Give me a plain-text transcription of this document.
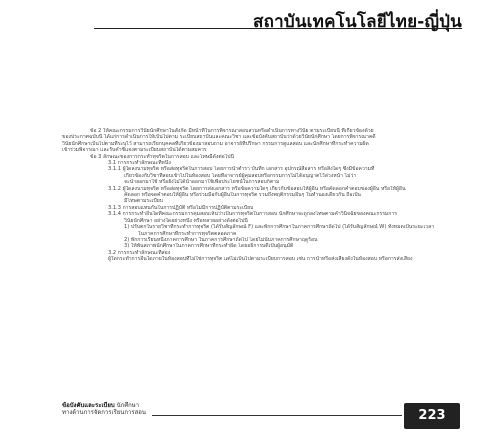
สถาบันเทคโนโลยีไทย-ญี่ปุ่น
ข้อ 2 ให้คณะกรรมการวินัยนักศึกษาในสังกัด มีหน้าที่ในการพิจารณาสอบสวนหรือดำเนินการทางวินัย ตามระเบียบนี้ ที่เกี่ยวข้องด้วย
ของประกาศฉบับนี้ ได้แก่การดำเนินการให้เป็นไปตาม ระเบียบสถาบันและคณะวิชา และข้อบังคับสถาบันว่าด้วยวินัยนักศึกษา โดยการพิจารณาคดี
วินัยนักศึกษาเป็นไปตามที่ระบุไว้ สามารถเรียกบุคคลที่เกี่ยวข้องมาสอบถาม อาจารย์ที่ปรึกษา กรรมการดูแลสอบ และนักศึกษาที่กระทำความผิด
เข้าร่วมพิจารณา และรับคำชี้แจงตามระเบียบสถาบันได้ตามสมควร
ข้อ 3 ลักษณะของการกระทำทุจริตในการสอบ และโทษมีดังต่อไปนี้
3.1 การกระทำลักษณะที่หนึ่ง
3.1.1 ผู้ใดลงนามทุจริต หรือส่อทุจริตในการสอบ โดยการนำตำรา บันทึก เอกสาร อุปกรณ์สื่อสาร หรือสิ่งใดๆ ซึ่งมีข้อความที่
เกี่ยวข้องกับวิชาที่สอบเข้าไปในห้องสอบ โดยที่อาจารย์ผู้คุมสอบหรือกรรมการไม่ได้อนุญาตไว้ล่วงหน้า ไม่ว่า
จะนำออกมาใช้ หรือยังไม่ได้นำออกมาใช้เพื่อประโยชน์ในการสอบก็ตาม
3.1.2 ผู้ใดลงนามทุจริต หรือส่อทุจริต โดยการส่งเอกสาร หรือข้อความใดๆ เกี่ยวกับข้อสอบให้ผู้อื่น หรือคัดลอกคำตอบของผู้อื่น หรือให้ผู้อื่น
คัดลอก หรือจดคำตอบให้ผู้อื่น หรือร่วมมือกับผู้อื่นในการทุจริต รวมถึงพฤติกรรมอื่นๆ ในทำนองเดียวกัน ถือเป็น
มีโทษตามระเบียบ
3.1.3 การสอบแทนกันในการปฏิบัติ หรือไม่มีการปฏิบัติตามระเบียบ
3.1.4 การกระทำอื่นใดที่คณะกรรมการคุมสอบเห็นว่าเป็นการทุจริตในการสอบ นักศึกษาจะถูกลงโทษตามคำวินิจฉัยของคณะกรรมการ
วินัยนักศึกษา อย่างใดอย่างหนึ่ง หรือหลายอย่างดังต่อไปนี้
1) ปรับตกในรายวิชาที่กระทำการทุจริต (ได้รับสัญลักษณ์ F) และพักการศึกษาในภาคการศึกษาถัดไป (ได้รับสัญลักษณ์ W) ทั้งหมดเป็นระยะเวลา
ในภาคการศึกษาที่กระทำการทุจริตตลอดภาค
2) พักการเรียนหนึ่งภาคการศึกษา ในภาคการศึกษาถัดไป โดยไม่นับภาคการศึกษาฤดูร้อน
3) ให้พ้นสภาพนักศึกษาในภาคการศึกษาที่กระทำผิด โดยอธิการบดีเป็นผู้อนุมัติ
3.2 การกระทำลักษณะที่สอง
ผู้ใดกระทำการอื่นใดภายในห้องสอบที่ไม่ใช่การทุจริต แต่ไม่เป็นไปตามระเบียบการสอบ เช่น การนำหรือส่งเสียงดังในห้องสอบ หรือการส่งเสียง
ข้อบังคับและระเบียบ นักศึกษา
ทางด้านการจัดการเรียนการสอน	223
